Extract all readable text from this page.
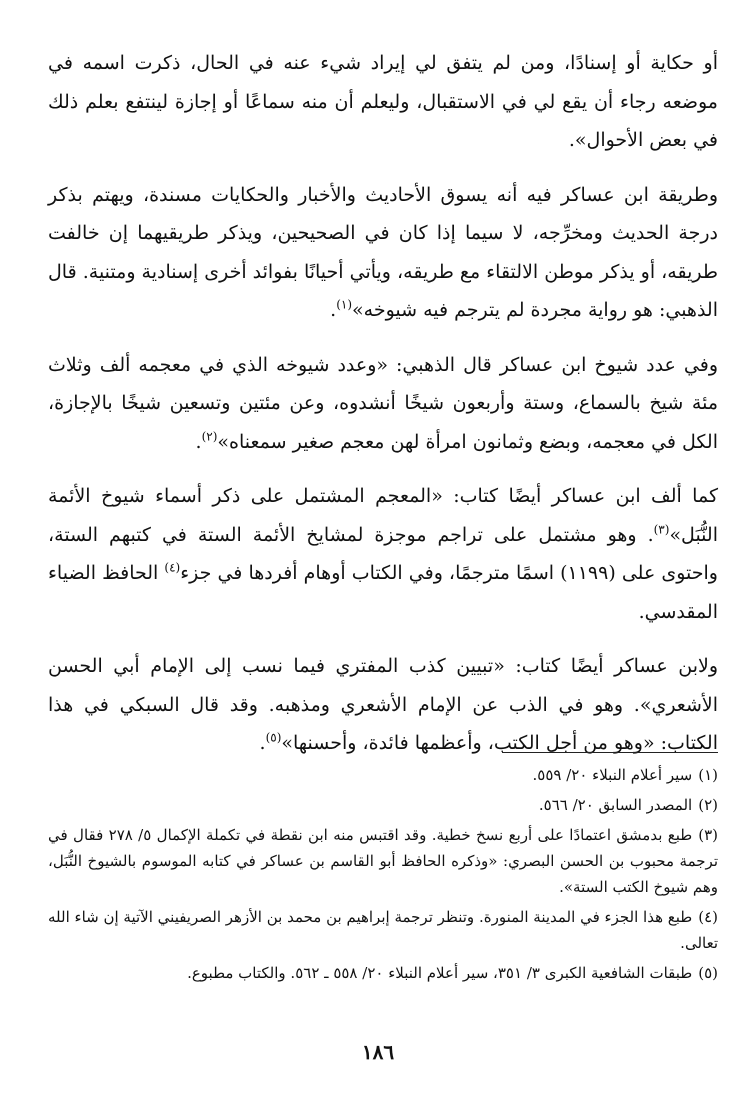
أو حكاية أو إسنادًا، ومن لم يتفق لي إيراد شيء عنه في الحال، ذكرت اسمه في موضعه رجاء أن يقع لي في الاستقبال، وليعلم أن منه سماعًا أو إجازة لينتفع بعلم ذلك في بعض الأحوال».

وطريقة ابن عساكر فيه أنه يسوق الأحاديث والأخبار والحكايات مسندة، ويهتم بذكر درجة الحديث ومخرِّجه، لا سيما إذا كان في الصحيحين، ويذكر طريقيهما إن خالفت طريقه، أو يذكر موطن الالتقاء مع طريقه، ويأتي أحيانًا بفوائد أخرى إسنادية ومتنية. قال الذهبي: هو رواية مجردة لم يترجم فيه شيوخه»$^{(١)}$.

وفي عدد شيوخ ابن عساكر قال الذهبي: «وعدد شيوخه الذي في معجمه ألف وثلاث مئة شيخ بالسماع، وستة وأربعون شيخًا أنشدوه، وعن مئتين وتسعين شيخًا بالإجازة، الكل في معجمه، وبضع وثمانون امرأة لهن معجم صغير سمعناه»$^{(٢)}$.

كما ألف ابن عساكر أيضًا كتاب: «المعجم المشتمل على ذكر أسماء شيوخ الأئمة النُّبَل»$^{(٣)}$. وهو مشتمل على تراجم موجزة لمشايخ الأئمة الستة في كتبهم الستة، واحتوى على (١١٩٩) اسمًا مترجمًا، وفي الكتاب أوهام أفردها في جزء$^{(٤)}$ الحافظ الضياء المقدسي.

ولابن عساكر أيضًا كتاب: «تبيين كذب المفتري فيما نسب إلى الإمام أبي الحسن الأشعري». وهو في الذب عن الإمام الأشعري ومذهبه. وقد قال السبكي في هذا الكتاب: «وهو من أجل الكتب، وأعظمها فائدة، وأحسنها»$^{(٥)}$.

(١)سير أعلام النبلاء ٢٠/ ٥٥٩.

(٢)المصدر السابق ٢٠/ ٥٦٦.

(٣)طبع بدمشق اعتمادًا على أربع نسخ خطية. وقد اقتبس منه ابن نقطة في تكملة الإكمال ٥/ ٢٧٨ فقال في ترجمة محبوب بن الحسن البصري: «وذكره الحافظ أبو القاسم بن عساكر في كتابه الموسوم بالشيوخ النُّبَل، وهم شيوخ الكتب الستة».

(٤)طبع هذا الجزء في المدينة المنورة. وتنظر ترجمة إبراهيم بن محمد بن الأزهر الصريفيني الآتية إن شاء الله تعالى.

(٥)طبقات الشافعية الكبرى ٣/ ٣٥١، سير أعلام النبلاء ٢٠/ ٥٥٨ ـ ٥٦٢. والكتاب مطبوع.

١٨٦
